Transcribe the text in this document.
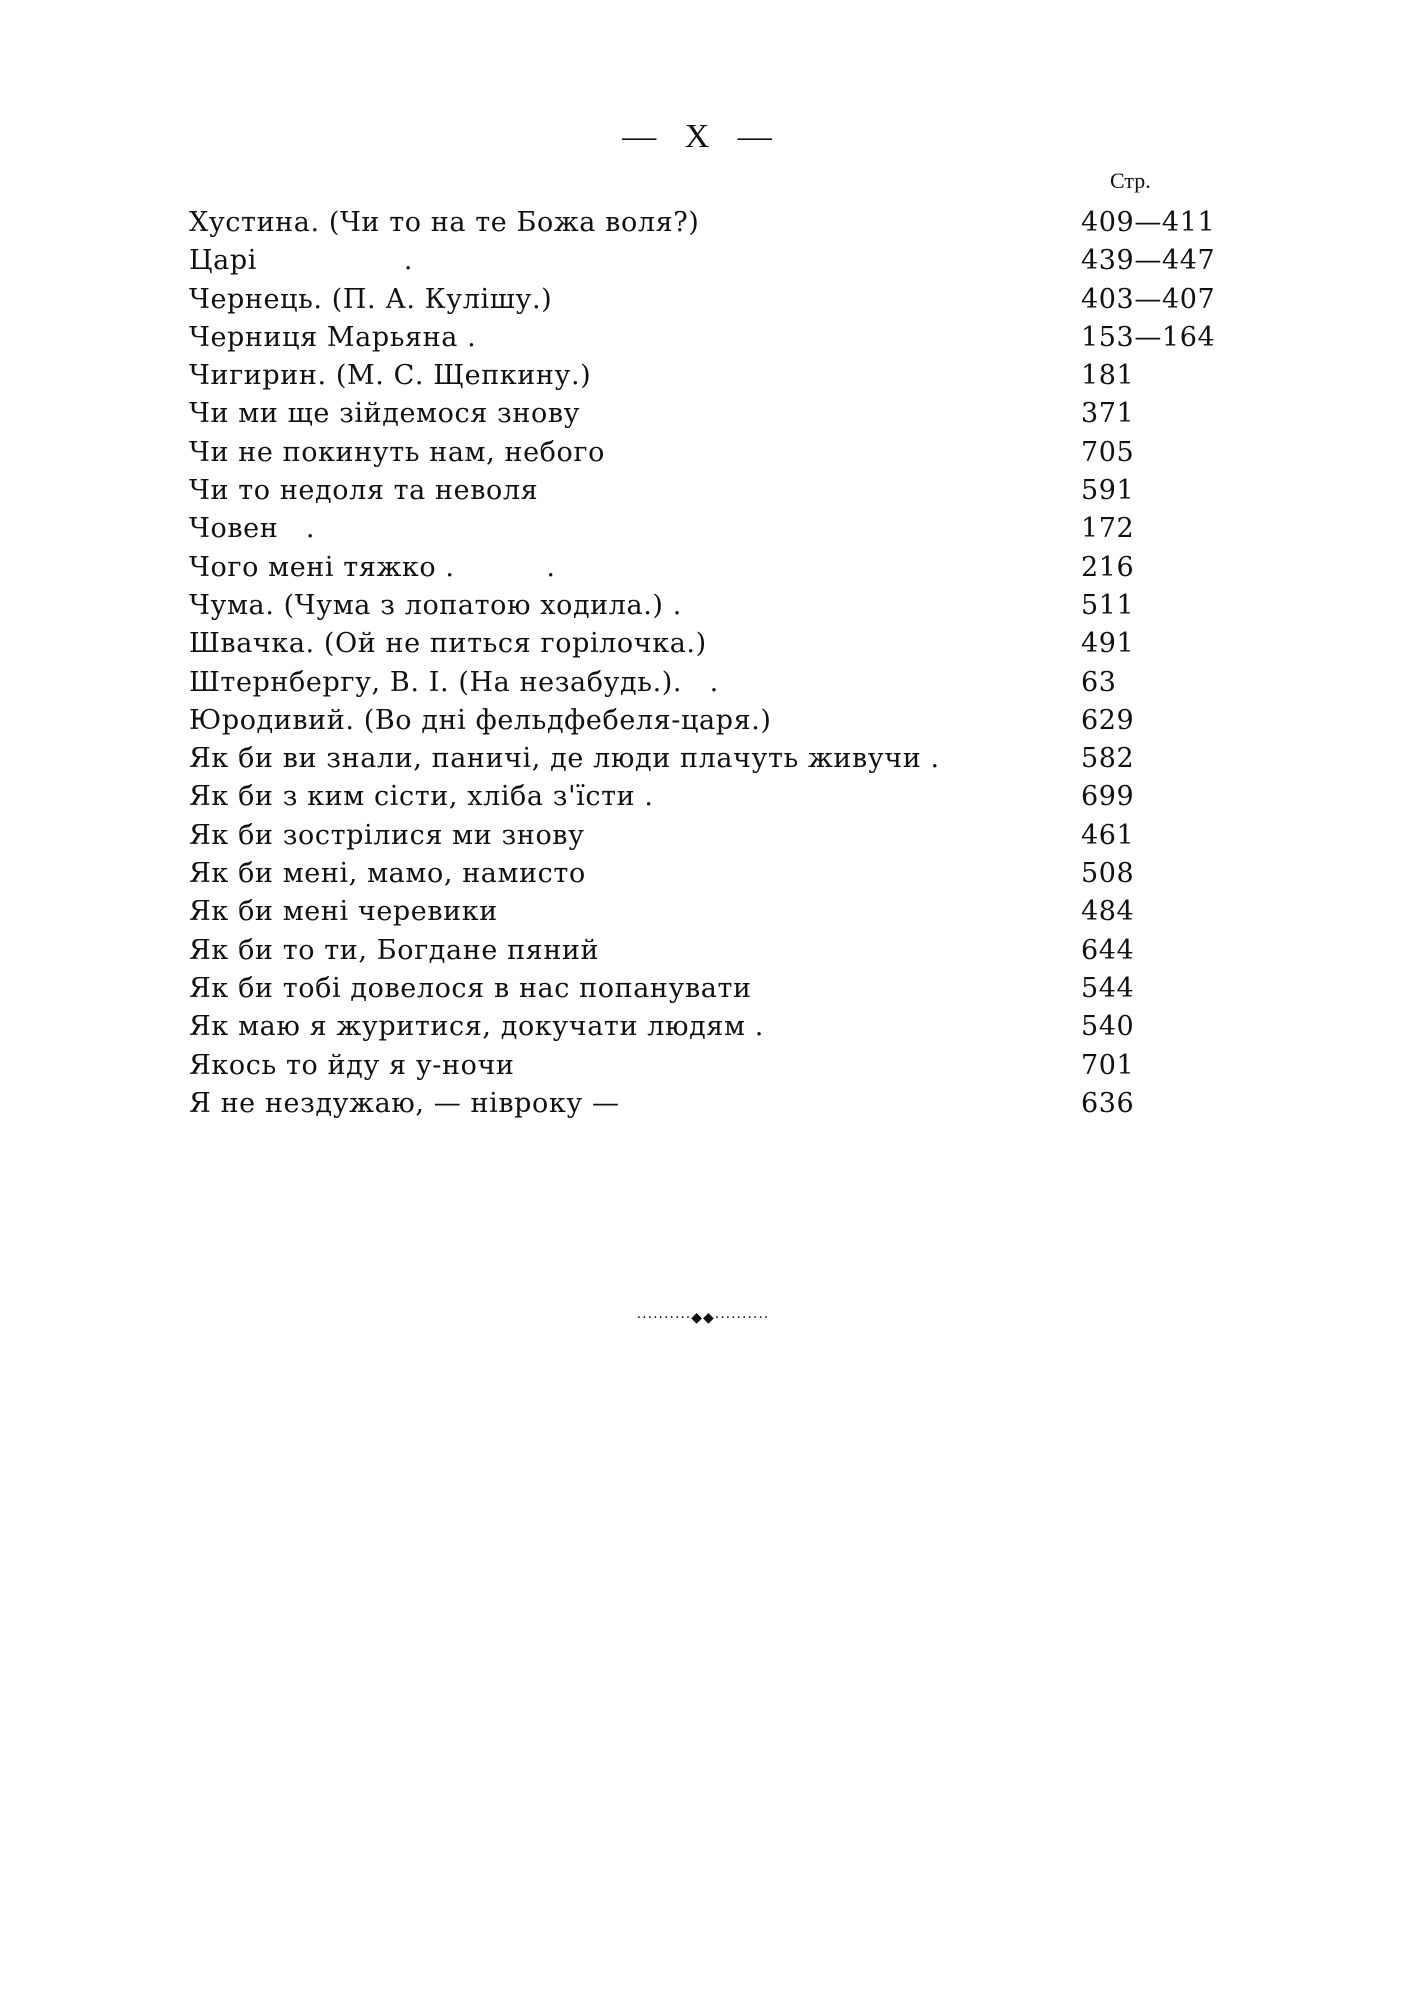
— X —
Стр.
Хустина. (Чи то на те Божа воля?)	409—411
Царі                .	439—447
Чернець. (П. А. Кулішу.)	403—407
Черниця Марьяна .	153—164
Чигирин. (М. С. Щепкину.)	181
Чи ми ще зійдемося знову	371
Чи не покинуть нам, небого	705
Чи то недоля та неволя	591
Човен   .	172
Чого мені тяжко .          .	216
Чума. (Чума з лопатою ходила.) .	511
Швачка. (Ой не питься горілочка.)	491
Штернбергу, В. І. (На незабудь.).   .	63
Юродивий. (Во дні фельдфебеля-царя.)	629
Як би ви знали, паничі, де люди плачуть живучи .	582
Як би з ким сісти, хліба з'їсти .	699
Як би зострілися ми знову	461
Як би мені, мамо, намисто	508
Як би мені черевики	484
Як би то ти, Богдане пяний	644
Як би тобі довелося в нас попанувати	544
Як маю я журитися, докучати людям .	540
Якось то йду я у-ночи	701
Я не нездужаю, — нівроку —	636
··········◆◆··········
